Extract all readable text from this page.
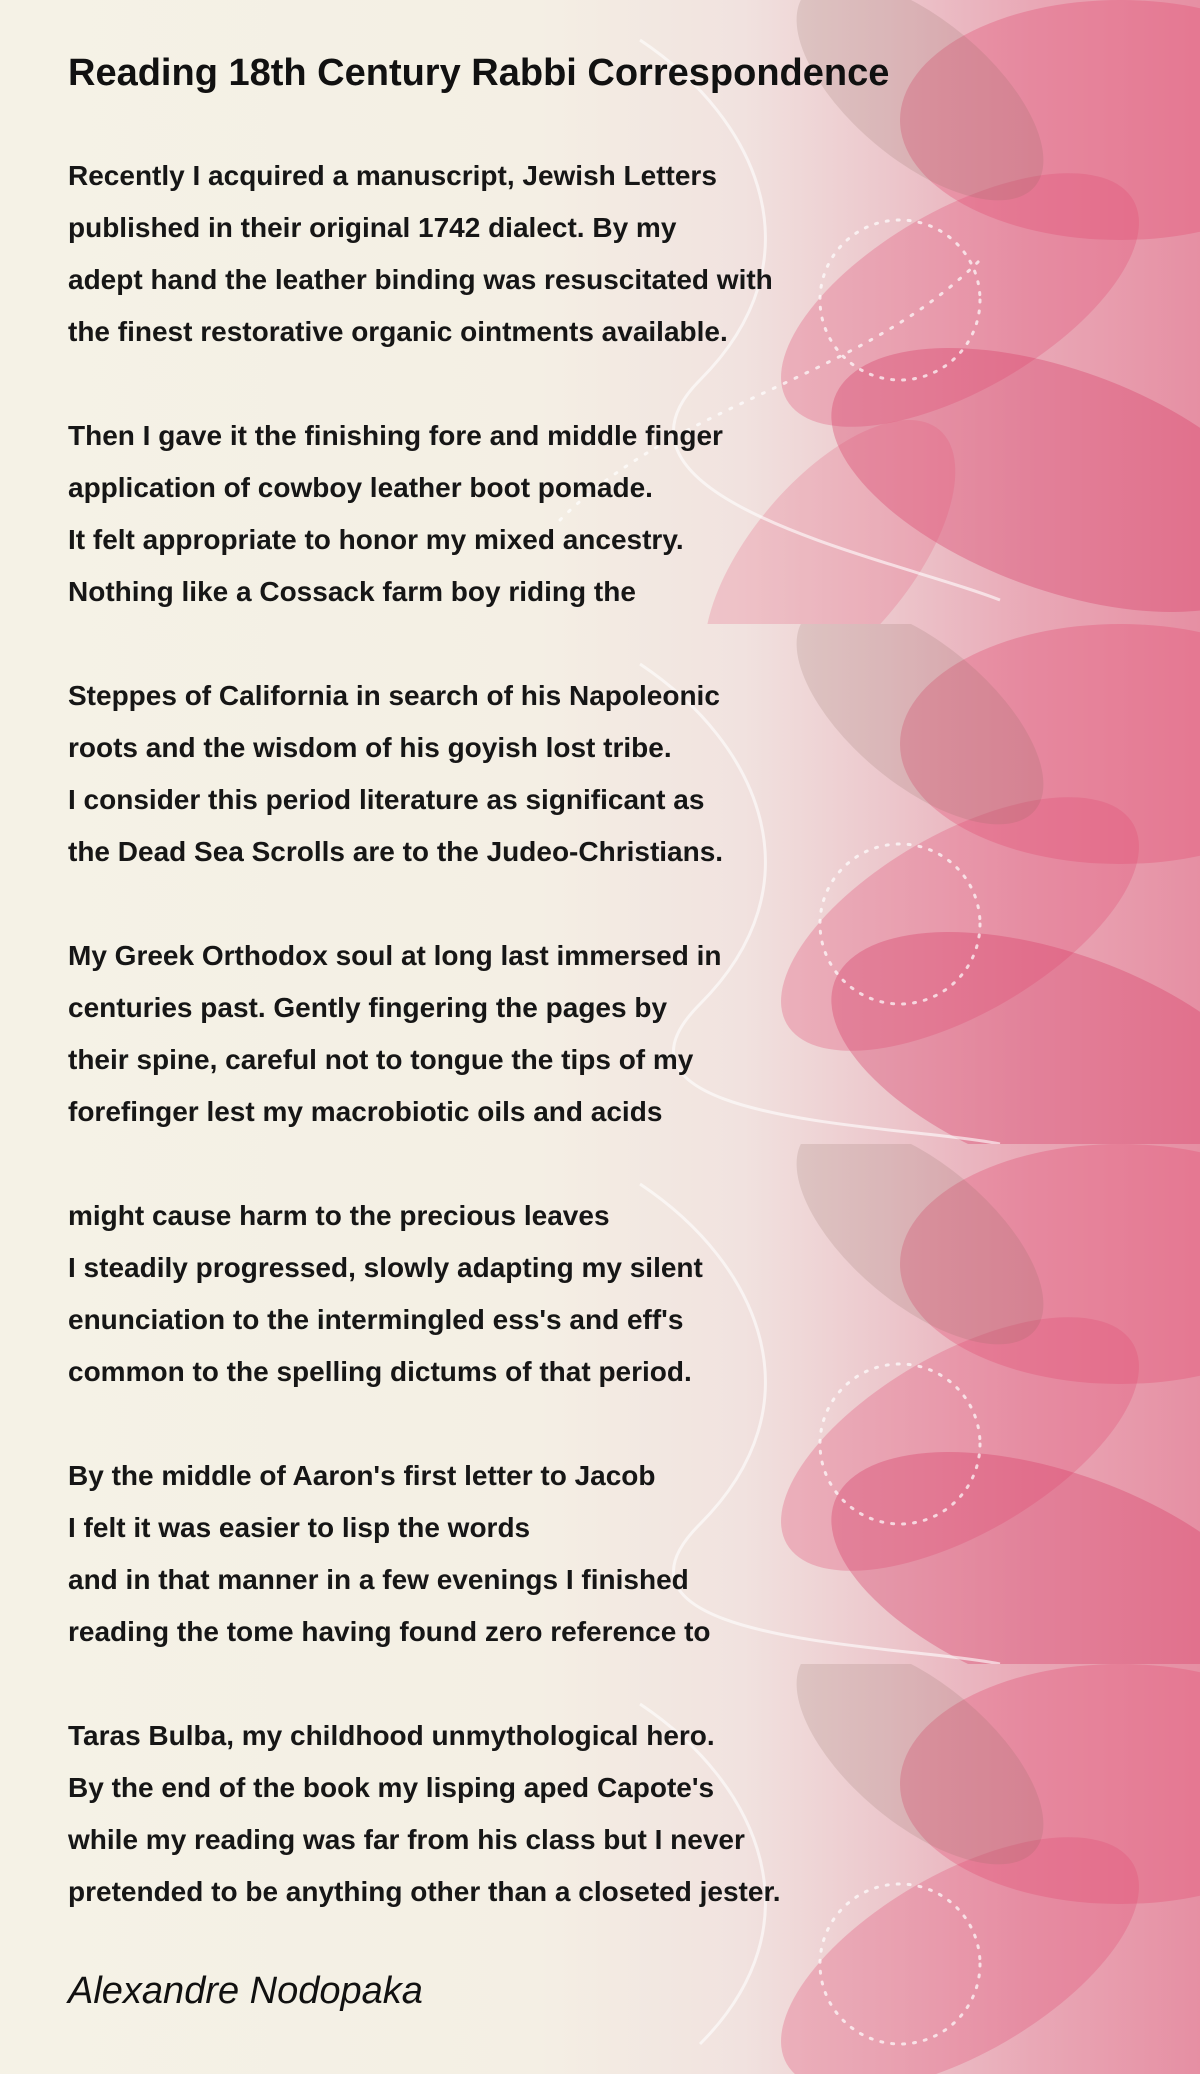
Reading 18th Century Rabbi Correspondence

Recently I acquired a manuscript, Jewish Letters
published in their original 1742 dialect. By my
adept hand the leather binding was resuscitated with
the finest restorative organic ointments available.

Then I gave it the finishing fore and middle finger
application of cowboy leather boot pomade.
It felt appropriate to honor my mixed ancestry.
Nothing like a Cossack farm boy riding the

Steppes of California in search of his Napoleonic
roots and the wisdom of his goyish lost tribe.
I consider this period literature as significant as
the Dead Sea Scrolls are to the Judeo-Christians.

My Greek Orthodox soul at long last immersed in
centuries past. Gently fingering the pages by
their spine, careful not to tongue the tips of my
forefinger lest my macrobiotic oils and acids

might cause harm to the precious leaves
I steadily progressed, slowly adapting my silent
enunciation to the intermingled ess's and eff's
common to the spelling dictums of that period.

By the middle of Aaron's first letter to Jacob
I felt it was easier to lisp the words
and in that manner in a few evenings I finished
reading the tome having found zero reference to

Taras Bulba, my childhood unmythological hero.
By the end of the book my lisping aped Capote's
while my reading was far from his class but I never
pretended to be anything other than a closeted jester.

Alexandre Nodopaka
